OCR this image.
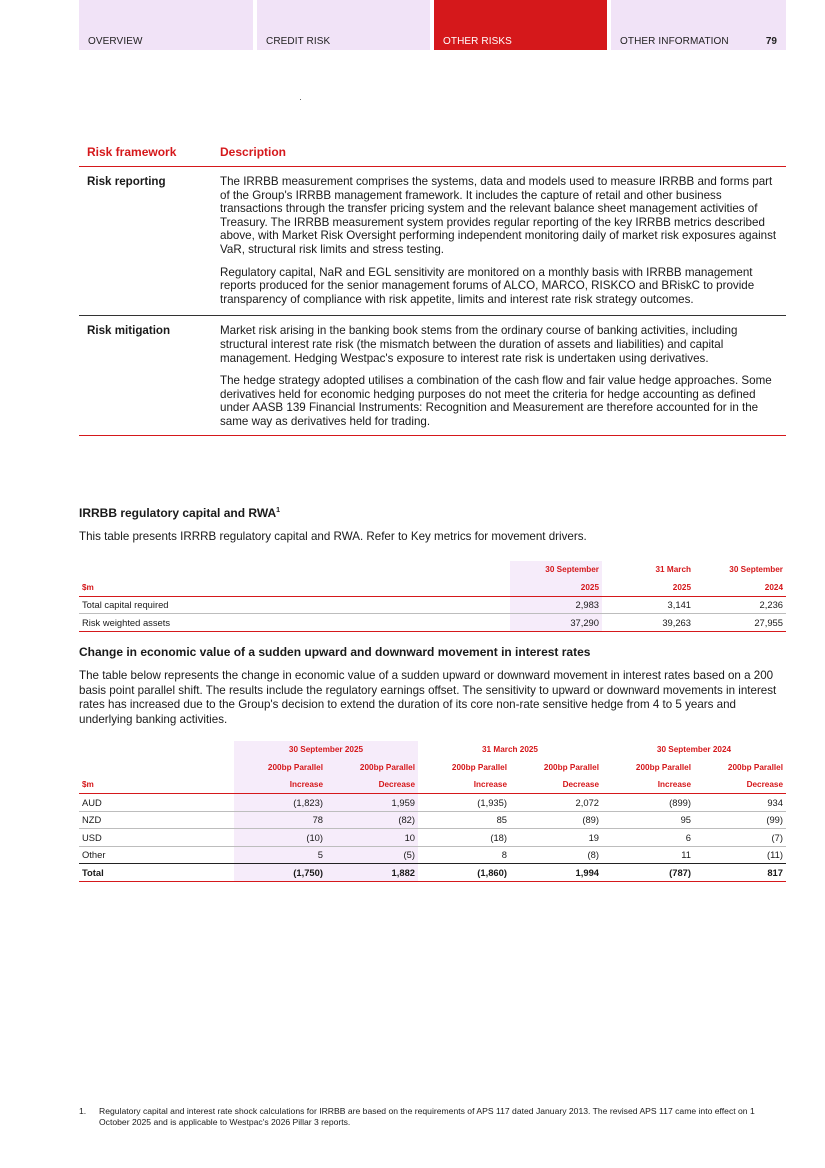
OVERVIEW	CREDIT RISK	OTHER RISKS	OTHER INFORMATION	79
Risk framework	Description
Risk reporting	The IRRBB measurement comprises the systems, data and models used to measure IRRBB and forms part of the Group's IRRBB management framework. It includes the capture of retail and other business transactions through the transfer pricing system and the relevant balance sheet management activities of Treasury. The IRRBB measurement system provides regular reporting of the key IRRBB metrics described above, with Market Risk Oversight performing independent monitoring daily of market risk exposures against VaR, structural risk limits and stress testing.

Regulatory capital, NaR and EGL sensitivity are monitored on a monthly basis with IRRBB management reports produced for the senior management forums of ALCO, MARCO, RISKCO and BRiskC to provide transparency of compliance with risk appetite, limits and interest rate risk strategy outcomes.

Risk mitigation	Market risk arising in the banking book stems from the ordinary course of banking activities, including structural interest rate risk (the mismatch between the duration of assets and liabilities) and capital management. Hedging Westpac's exposure to interest rate risk is undertaken using derivatives.

The hedge strategy adopted utilises a combination of the cash flow and fair value hedge approaches. Some derivatives held for economic hedging purposes do not meet the criteria for hedge accounting as defined under AASB 139 Financial Instruments: Recognition and Measurement are therefore accounted for in the same way as derivatives held for trading.

IRRBB regulatory capital and RWA$^1$
This table presents IRRRB regulatory capital and RWA. Refer to Key metrics for movement drivers.
	30 September	31 March	30 September
$m	2025	2025	2024
Total capital required	2,983	3,141	2,236
Risk weighted assets	37,290	39,263	27,955
Change in economic value of a sudden upward and downward movement in interest rates
The table below represents the change in economic value of a sudden upward or downward movement in interest rates based on a 200 basis point parallel shift. The results include the regulatory earnings offset. The sensitivity to upward or downward movements in interest rates has increased due to the Group's decision to extend the duration of its core non-rate sensitive hedge from 4 to 5 years and underlying banking activities.
	30 September 2025		31 March 2025		30 September 2024	
	200bp Parallel	200bp Parallel	200bp Parallel	200bp Parallel	200bp Parallel	200bp Parallel
$m	Increase	Decrease	Increase	Decrease	Increase	Decrease
AUD	(1,823)	1,959	(1,935)	2,072	(899)	934
NZD	78	(82)	85	(89)	95	(99)
USD	(10)	10	(18)	19	6	(7)
Other	5	(5)	8	(8)	11	(11)
Total	(1,750)	1,882	(1,860)	1,994	(787)	817
1.	Regulatory capital and interest rate shock calculations for IRRBB are based on the requirements of APS 117 dated January 2013. The revised APS 117 came into effect on 1 October 2025 and is applicable to Westpac's 2026 Pillar 3 reports.
